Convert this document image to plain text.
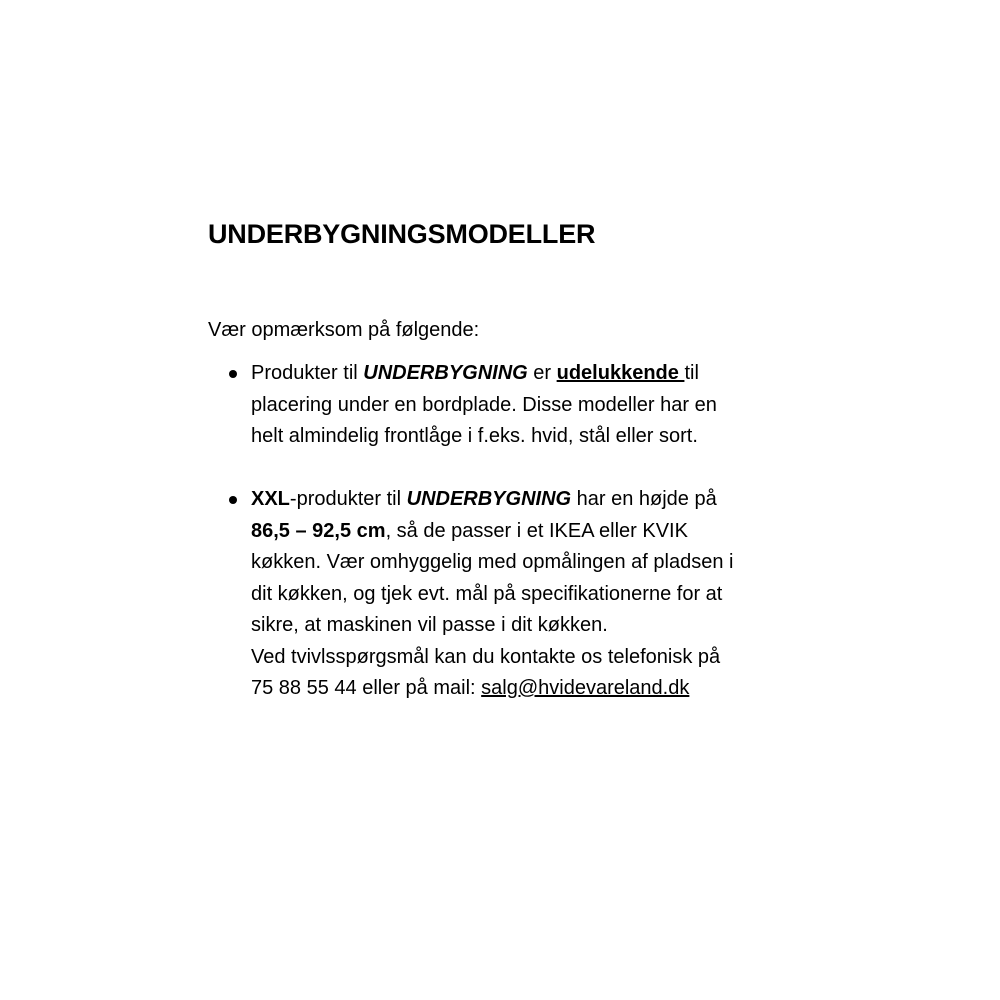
UNDERBYGNINGSMODELLER

Vær opmærksom på følgende:

Produkter til UNDERBYGNING er udelukkende til
placering under en bordplade. Disse modeller har en
helt almindelig frontlåge i f.eks. hvid, stål eller sort.
XXL-produkter til UNDERBYGNING har en højde på
86,5 – 92,5 cm, så de passer i et IKEA eller KVIK
køkken. Vær omhyggelig med opmålingen af pladsen i
dit køkken, og tjek evt. mål på specifikationerne for at
sikre, at maskinen vil passe i dit køkken.
Ved tvivlsspørgsmål kan du kontakte os telefonisk på
75 88 55 44 eller på mail: salg@hvidevareland.dk
